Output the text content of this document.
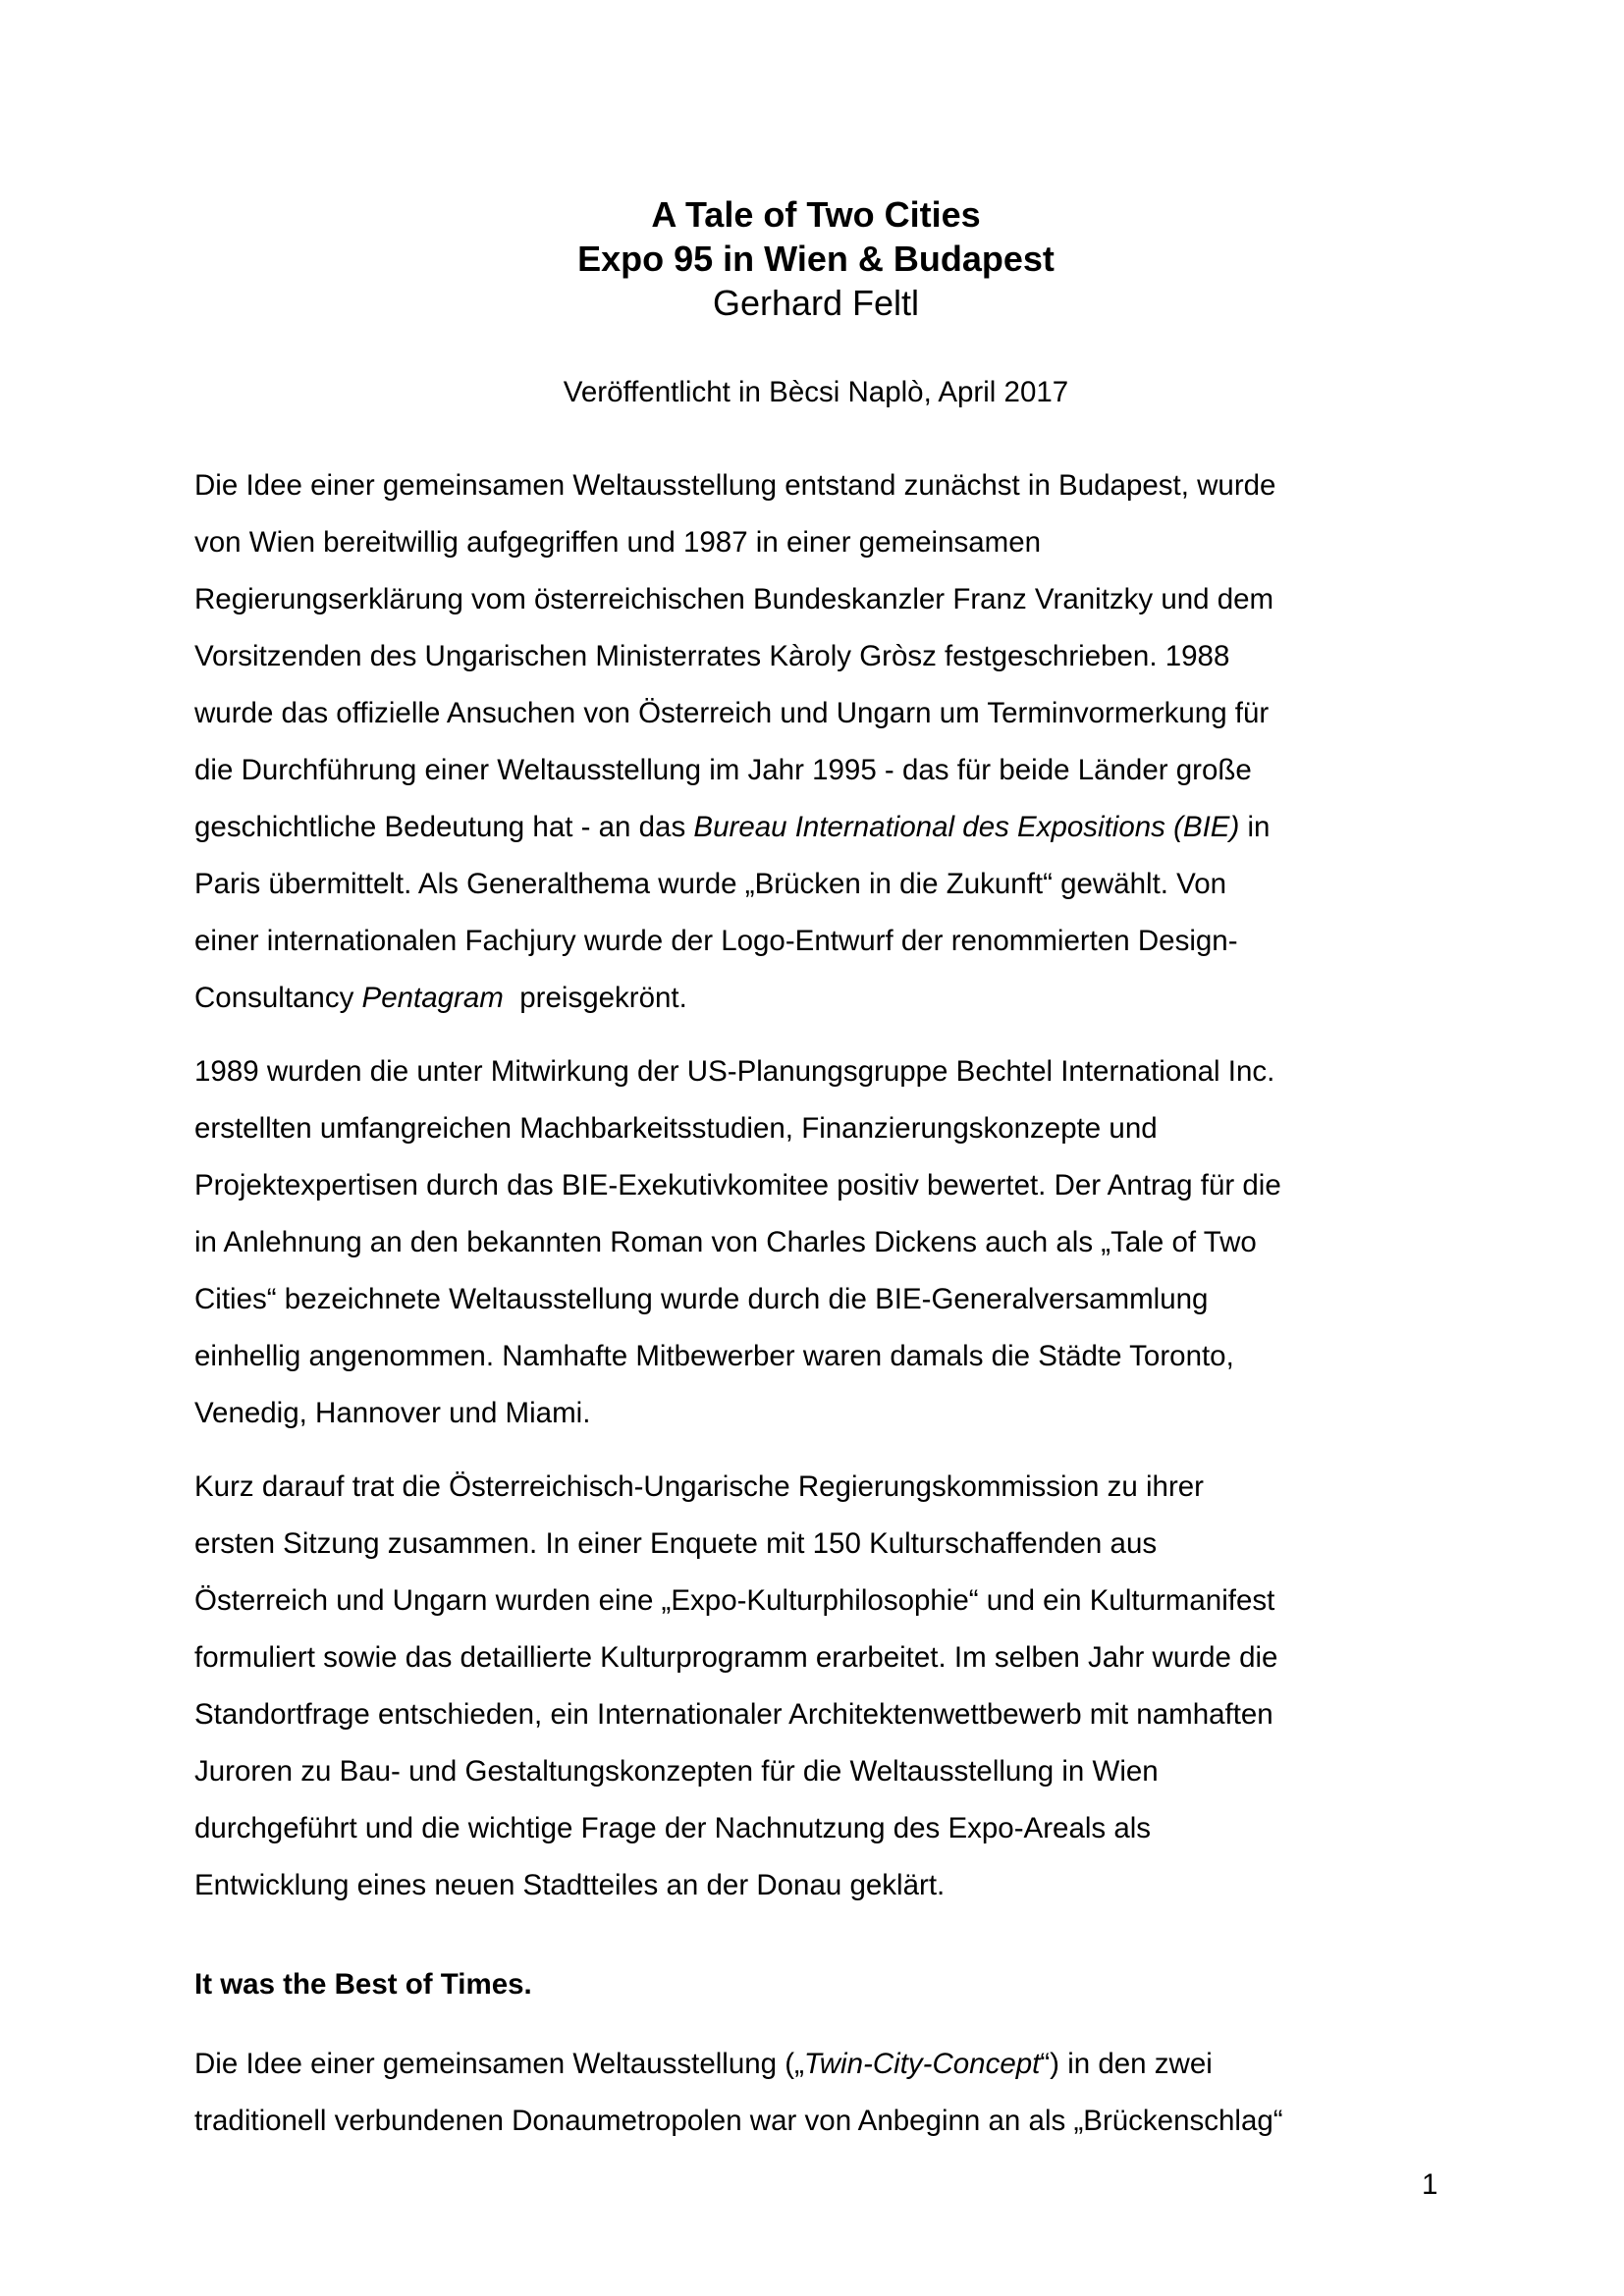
A Tale of Two Cities
Expo 95 in Wien & Budapest
Gerhard Feltl
Veröffentlicht in Bècsi Naplò, April 2017

Die Idee einer gemeinsamen Weltausstellung entstand zunächst in Budapest, wurde

von Wien bereitwillig aufgegriffen und 1987 in einer gemeinsamen

Regierungserklärung vom österreichischen Bundeskanzler Franz Vranitzky und dem

Vorsitzenden des Ungarischen Ministerrates Kàroly Gròsz festgeschrieben. 1988

wurde das offizielle Ansuchen von Österreich und Ungarn um Terminvormerkung für

die Durchführung einer Weltausstellung im Jahr 1995 - das für beide Länder große

geschichtliche Bedeutung hat - an das Bureau International des Expositions (BIE) in

Paris übermittelt. Als Generalthema wurde „Brücken in die Zukunft“ gewählt. Von

einer internationalen Fachjury wurde der Logo-Entwurf der renommierten Design-

Consultancy Pentagram  preisgekrönt.

1989 wurden die unter Mitwirkung der US-Planungsgruppe Bechtel International Inc.

erstellten umfangreichen Machbarkeitsstudien, Finanzierungskonzepte und

Projektexpertisen durch das BIE-Exekutivkomitee positiv bewertet. Der Antrag für die

in Anlehnung an den bekannten Roman von Charles Dickens auch als „Tale of Two

Cities“ bezeichnete Weltausstellung wurde durch die BIE-Generalversammlung

einhellig angenommen. Namhafte Mitbewerber waren damals die Städte Toronto,

Venedig, Hannover und Miami.

Kurz darauf trat die Österreichisch-Ungarische Regierungskommission zu ihrer

ersten Sitzung zusammen. In einer Enquete mit 150 Kulturschaffenden aus

Österreich und Ungarn wurden eine „Expo-Kulturphilosophie“ und ein Kulturmanifest

formuliert sowie das detaillierte Kulturprogramm erarbeitet. Im selben Jahr wurde die

Standortfrage entschieden, ein Internationaler Architektenwettbewerb mit namhaften

Juroren zu Bau- und Gestaltungskonzepten für die Weltausstellung in Wien

durchgeführt und die wichtige Frage der Nachnutzung des Expo-Areals als

Entwicklung eines neuen Stadtteiles an der Donau geklärt.

It was the Best of Times.

Die Idee einer gemeinsamen Weltausstellung („Twin-City-Concept“) in den zwei

traditionell verbundenen Donaumetropolen war von Anbeginn an als „Brückenschlag“

1
